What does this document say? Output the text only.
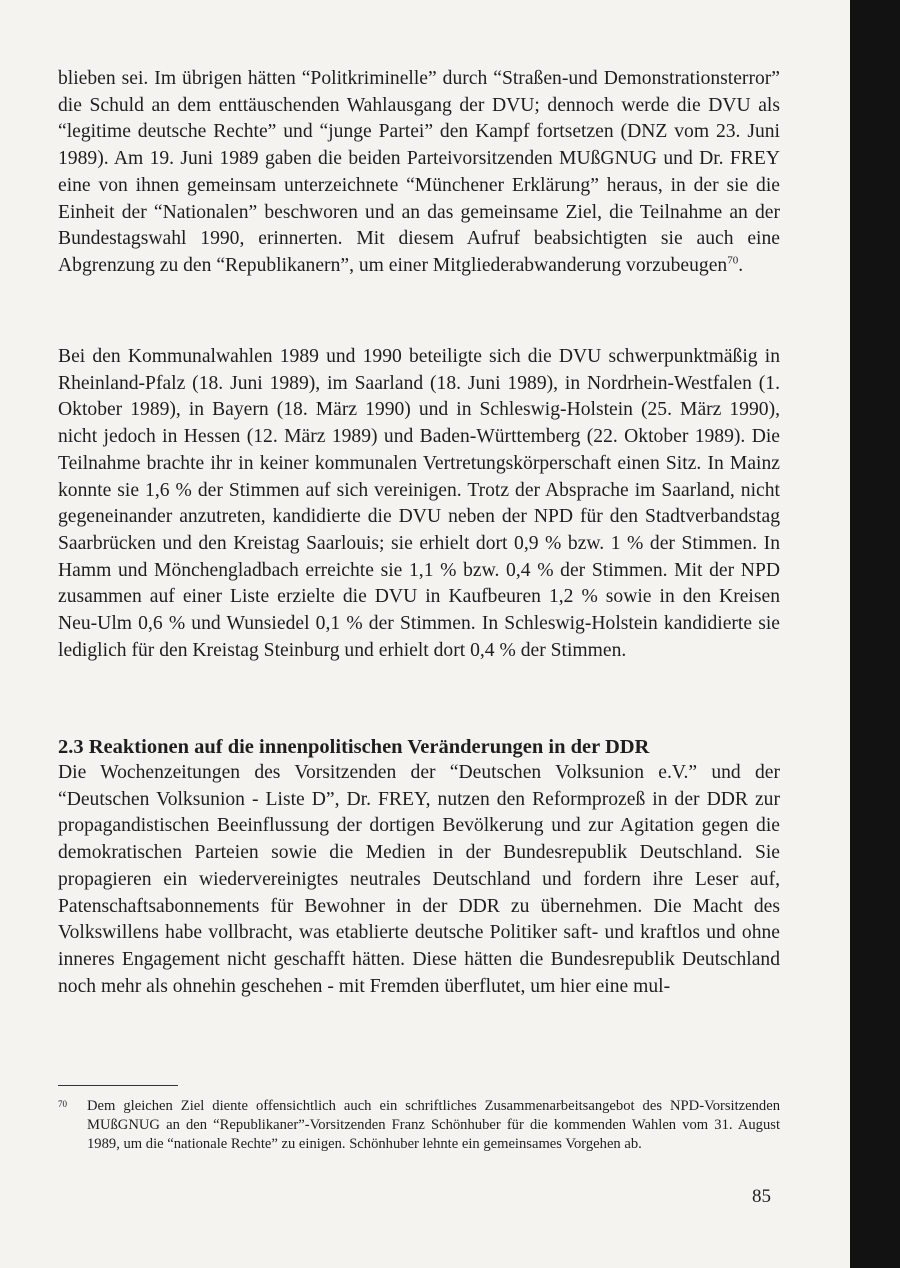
blieben sei. Im übrigen hätten “Politkriminelle” durch “Straßen-und Demonstrationsterror” die Schuld an dem enttäuschenden Wahlausgang der DVU; dennoch werde die DVU als “legitime deutsche Rechte” und “junge Partei” den Kampf fortsetzen (DNZ vom 23. Juni 1989). Am 19. Juni 1989 gaben die beiden Parteivorsitzenden MUßGNUG und Dr. FREY eine von ihnen gemeinsam unterzeichnete “Münchener Erklärung” heraus, in der sie die Einheit der “Nationalen” beschworen und an das gemeinsame Ziel, die Teilnahme an der Bundestagswahl 1990, erinnerten. Mit diesem Aufruf beabsichtigten sie auch eine Abgrenzung zu den “Republikanern”, um einer Mitgliederabwanderung vorzubeugen$^{70}$.

Bei den Kommunalwahlen 1989 und 1990 beteiligte sich die DVU schwerpunktmäßig in Rheinland-Pfalz (18. Juni 1989), im Saarland (18. Juni 1989), in Nordrhein-Westfalen (1. Oktober 1989), in Bayern (18. März 1990) und in Schleswig-Holstein (25. März 1990), nicht jedoch in Hessen (12. März 1989) und Baden-Württemberg (22. Oktober 1989). Die Teilnahme brachte ihr in keiner kommunalen Vertretungskörperschaft einen Sitz. In Mainz konnte sie 1,6 % der Stimmen auf sich vereinigen. Trotz der Absprache im Saarland, nicht gegeneinander anzutreten, kandidierte die DVU neben der NPD für den Stadtverbandstag Saarbrücken und den Kreistag Saarlouis; sie erhielt dort 0,9 % bzw. 1 % der Stimmen. In Hamm und Mönchengladbach erreichte sie 1,1 % bzw. 0,4 % der Stimmen. Mit der NPD zusammen auf einer Liste erzielte die DVU in Kaufbeuren 1,2 % sowie in den Kreisen Neu-Ulm 0,6 % und Wunsiedel 0,1 % der Stimmen. In Schleswig-Holstein kandidierte sie lediglich für den Kreistag Steinburg und erhielt dort 0,4 % der Stimmen.

2.3 Reaktionen auf die innenpolitischen Veränderungen in der DDR

Die Wochenzeitungen des Vorsitzenden der “Deutschen Volksunion e.V.” und der “Deutschen Volksunion - Liste D”, Dr. FREY, nutzen den Reformprozeß in der DDR zur propagandistischen Beeinflussung der dortigen Bevölkerung und zur Agitation gegen die demokratischen Parteien sowie die Medien in der Bundesrepublik Deutschland. Sie propagieren ein wiedervereinigtes neutrales Deutschland und fordern ihre Leser auf, Patenschaftsabonnements für Bewohner in der DDR zu übernehmen. Die Macht des Volkswillens habe vollbracht, was etablierte deutsche Politiker saft- und kraftlos und ohne inneres Engagement nicht geschafft hätten. Diese hätten die Bundesrepublik Deutschland noch mehr als ohnehin geschehen - mit Fremden überflutet, um hier eine mul-

70 Dem gleichen Ziel diente offensichtlich auch ein schriftliches Zusammenarbeitsangebot des NPD-Vorsitzenden MUßGNUG an den “Republikaner”-Vorsitzenden Franz Schönhuber für die kommenden Wahlen vom 31. August 1989, um die “nationale Rechte” zu einigen. Schönhuber lehnte ein gemeinsames Vorgehen ab.
85
